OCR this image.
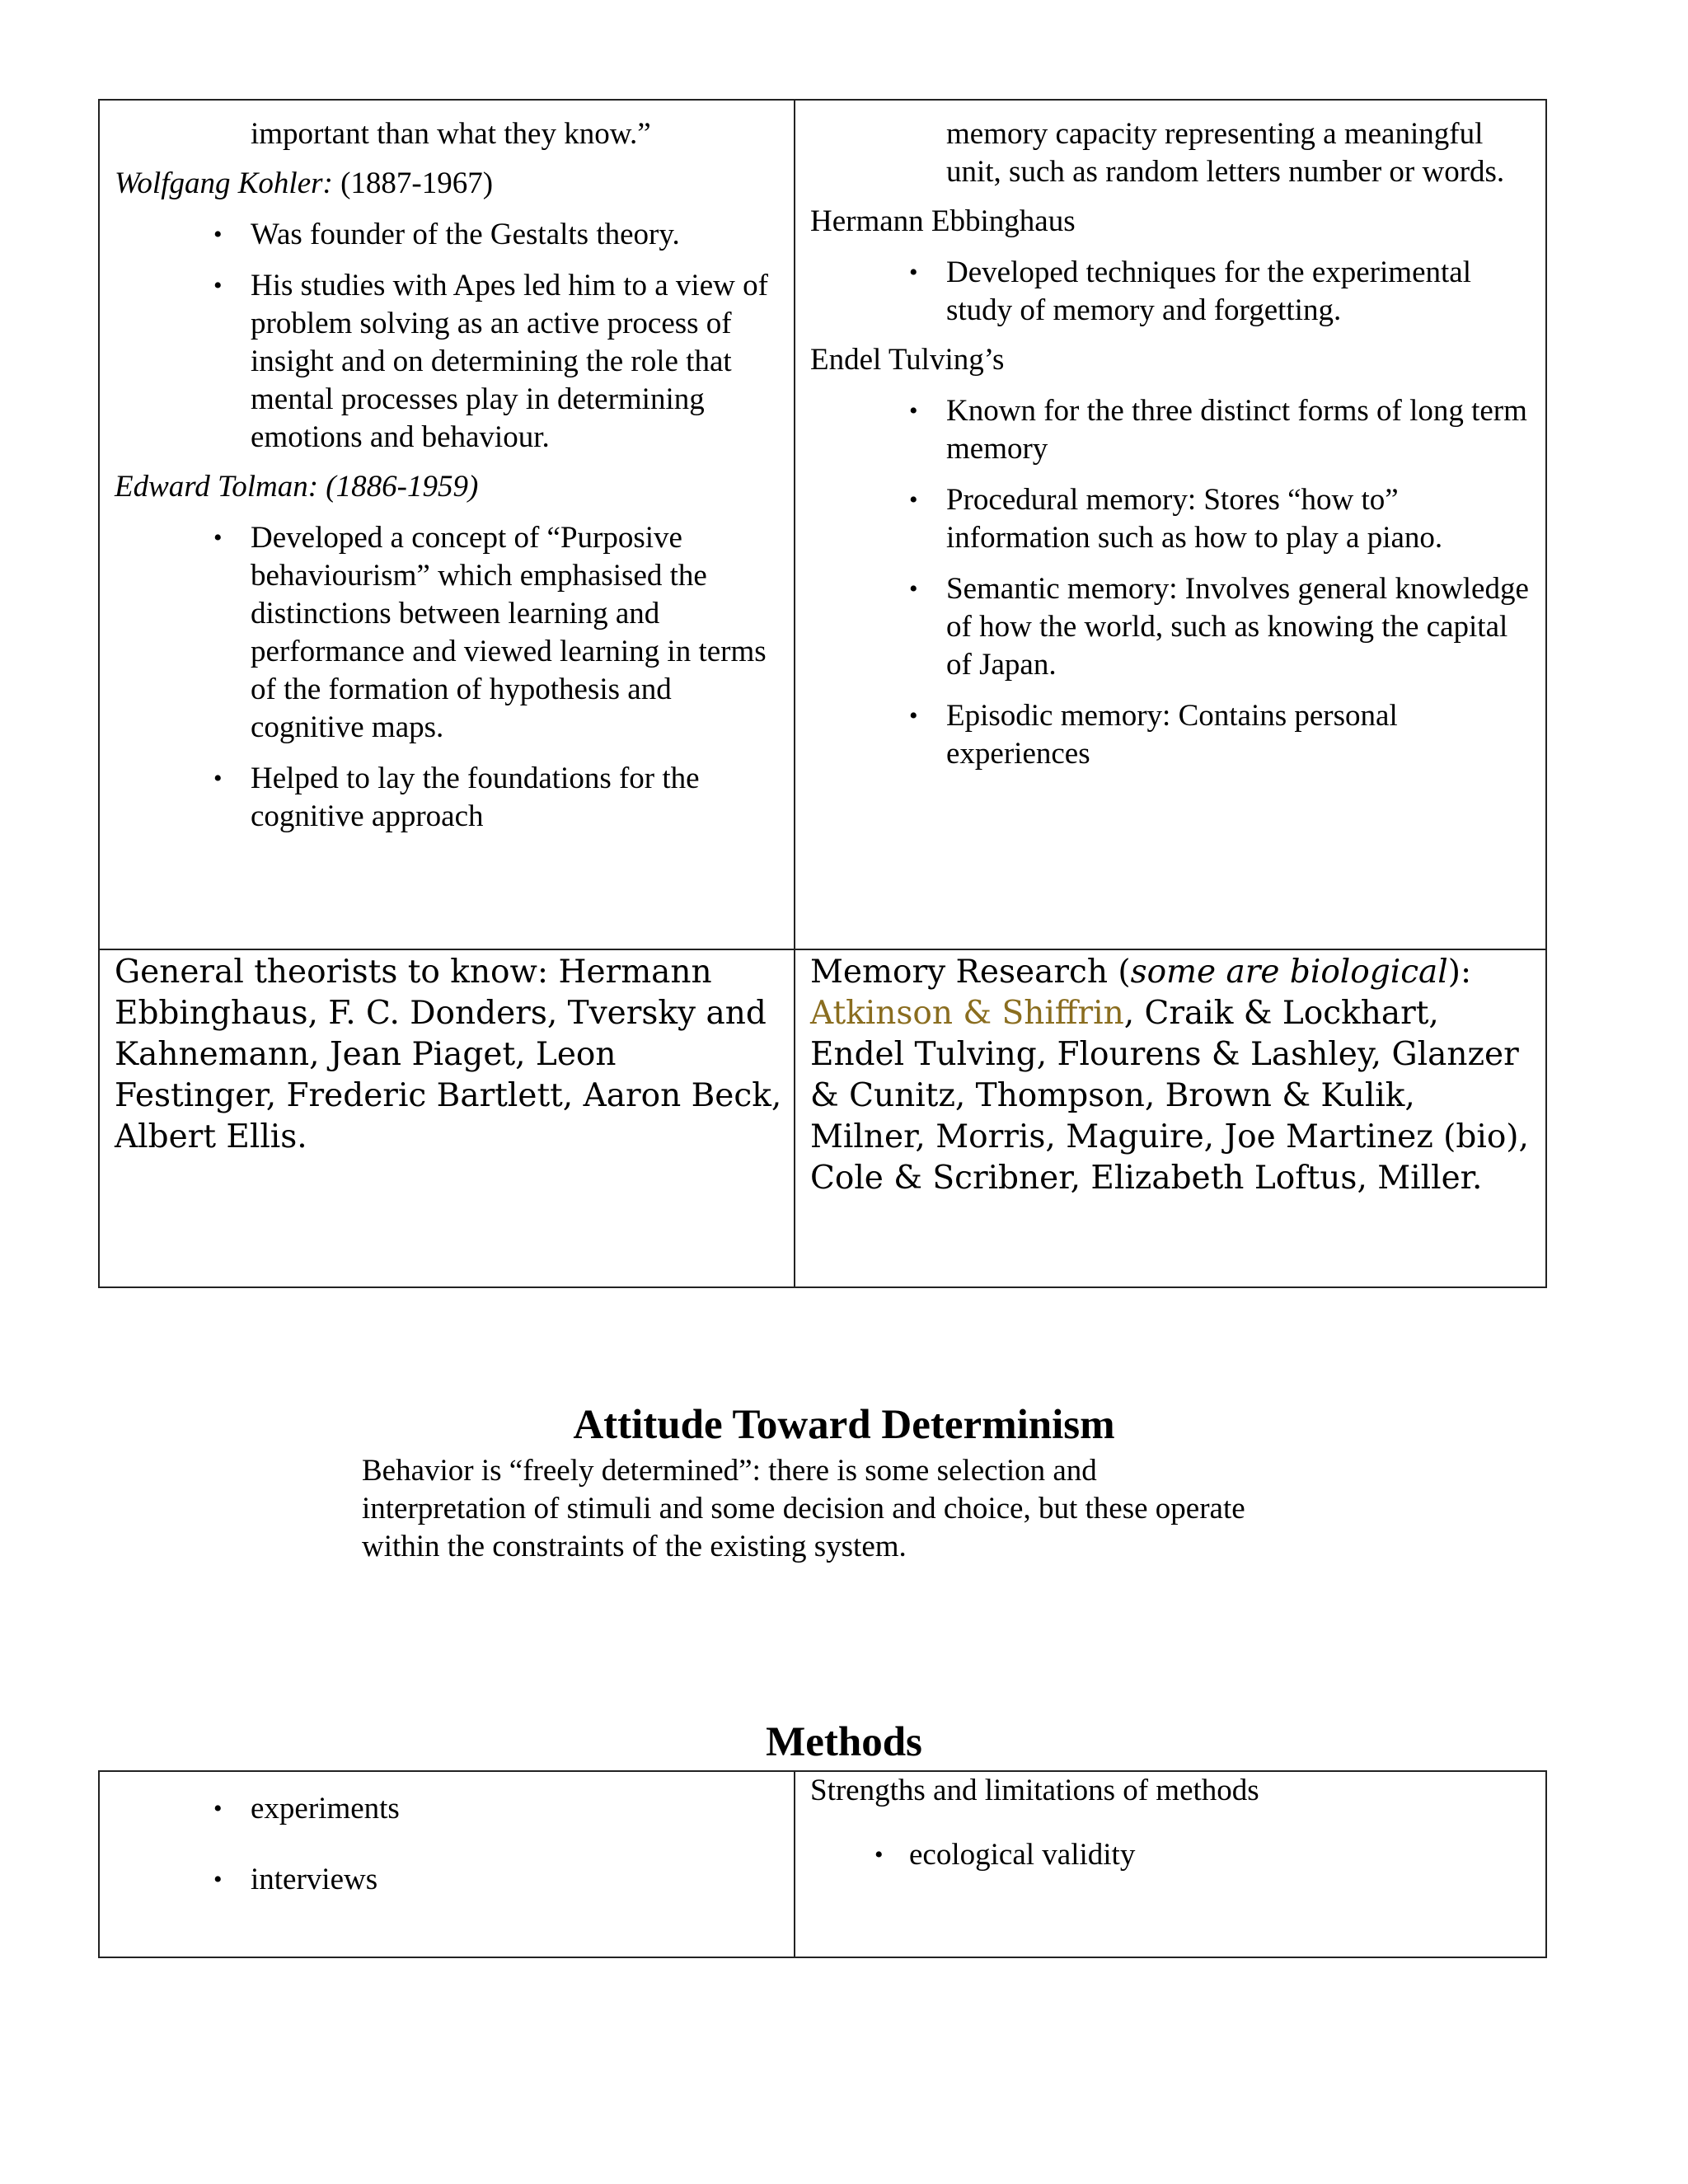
important than what they know.”

Wolfgang Kohler: (1887-1967)

• Was founder of the Gestalts theory.
• His studies with Apes led him to a view of problem solving as an active process of insight and on determining the role that mental processes play in determining emotions and behaviour.

Edward Tolman: (1886-1959)

• Developed a concept of “Purposive behaviourism” which emphasised the distinctions between learning and performance and viewed learning in terms of the formation of hypothesis and cognitive maps.
• Helped to lay the foundations for the cognitive approach

memory capacity representing a meaningful unit, such as random letters number or words.

Hermann Ebbinghaus

• Developed techniques for the experimental study of memory and forgetting.

Endel Tulving’s

• Known for the three distinct forms of long term memory
• Procedural memory: Stores “how to” information such as how to play a piano.
• Semantic memory: Involves general knowledge of how the world, such as knowing the capital of Japan.
• Episodic memory: Contains personal experiences

General theorists to know: Hermann Ebbinghaus, F. C. Donders, Tversky and Kahnemann, Jean Piaget, Leon Festinger, Frederic Bartlett, Aaron Beck, Albert Ellis.

Memory Research (some are biological): Atkinson & Shiffrin, Craik & Lockhart, Endel Tulving, Flourens & Lashley, Glanzer & Cunitz, Thompson, Brown & Kulik, Milner, Morris, Maguire, Joe Martinez (bio), Cole & Scribner, Elizabeth Loftus, Miller.

Attitude Toward Determinism
Behavior is “freely determined”: there is some selection and interpretation of stimuli and some decision and choice, but these operate within the constraints of the existing system.
Methods
• experiments
• interviews

Strengths and limitations of methods

• ecological validity
